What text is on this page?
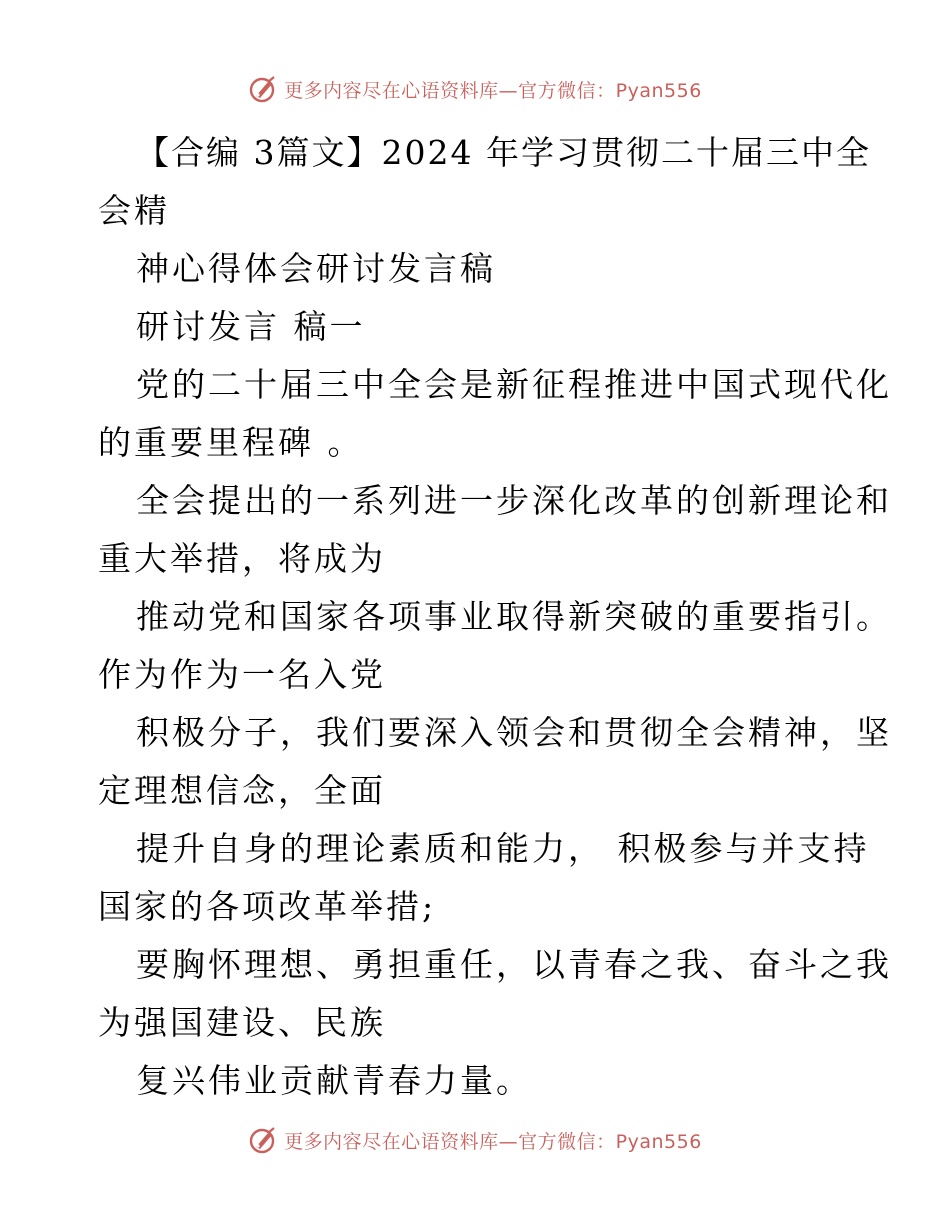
更多内容尽在心语资料库—官方微信：Pyan556
【合编 3篇文】2024 年学习贯彻二十届三中全
会精
神心得体会研讨发言稿
研讨发言 稿一
党的二十届三中全会是新征程推进中国式现代化
的重要里程碑 。
全会提出的一系列进一步深化改革的创新理论和
重大举措，将成为
推动党和国家各项事业取得新突破的重要指引。
作为作为一名入党
积极分子，我们要深入领会和贯彻全会精神，坚
定理想信念，全面
提升自身的理论素质和能力， 积极参与并支持
国家的各项改革举措;
要胸怀理想、勇担重任，以青春之我、奋斗之我
为强国建设、民族
复兴伟业贡献青春力量。
更多内容尽在心语资料库—官方微信：Pyan556
